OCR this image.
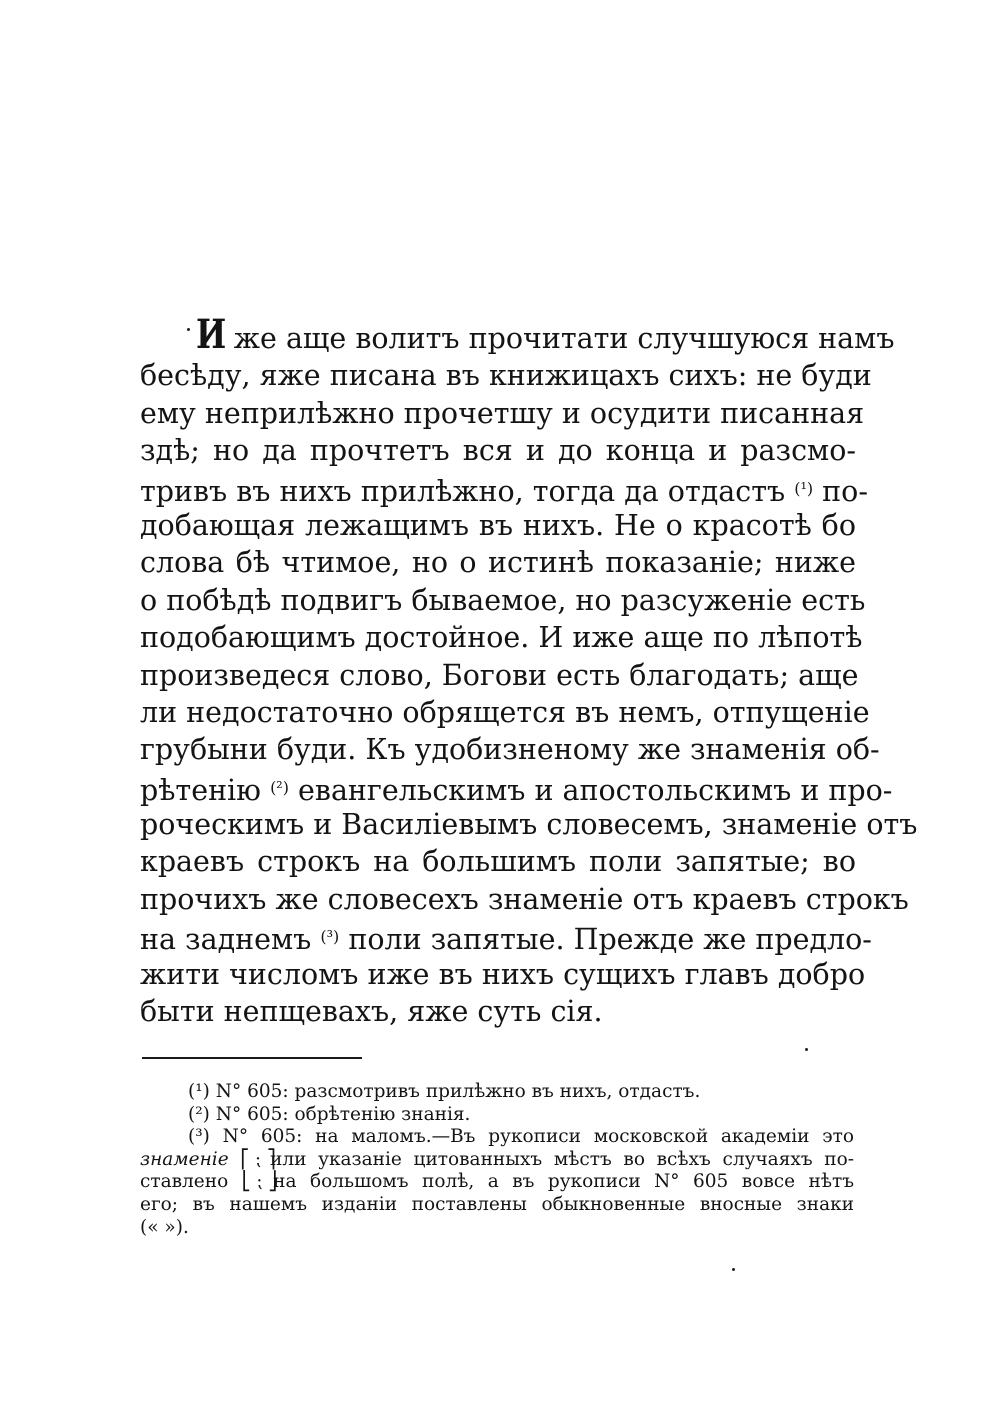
И же аще волитъ прочитати случшуюся намъ
бесѣду, яже писана въ книжицахъ сихъ: не буди
ему неприлѣжно прочетшу и осудити писанная
здѣ; но да прочтетъ вся и до конца и разсмо-
тривъ въ нихъ прилѣжно, тогда да отдастъ $^{(^1)}$ по-
добающая лежащимъ въ нихъ. Не о красотѣ бо
слова бѣ чтимое, но о истинѣ показанiе; ниже
о побѣдѣ подвигъ бываемое, но разсуженiе есть
подобающимъ достойное. И иже аще по лѣпотѣ
произведеся слово, Богови есть благодать; аще
ли недостаточно обрящется въ немъ, отпущенiе
грубыни буди. Къ удобизненому же знаменiя об-
рѣтенiю $^{(^2)}$ евангельскимъ и апостольскимъ и про-
роческимъ и Василiевымъ словесемъ, знаменiе отъ
краевъ строкъ на большимъ поли запятые; во
прочихъ же словесехъ знаменiе отъ краевъ строкъ
на заднемъ $^{(^3)}$ поли запятые. Прежде же предло-
жити числомъ иже въ нихъ сущихъ главъ добро
быти непщевахъ, яже суть сiя.
(¹) N° 605: разсмотривъ прилѣжно въ нихъ, отдастъ.
(²) N° 605: обрѣтенiю знанiя.
(³) N° 605: на маломъ.—Въ рукописи московской академiи это
знаменiе ⎡ ⁏ ⎤ или указанiе цитованныхъ мѣстъ во всѣхъ случаяхъ по-
ставлено ⎣ ⁏ ⎦ на большомъ полѣ, а въ рукописи N° 605 вовсе нѣтъ
его; въ нашемъ изданiи поставлены обыкновенные вносные знаки
(« »).
